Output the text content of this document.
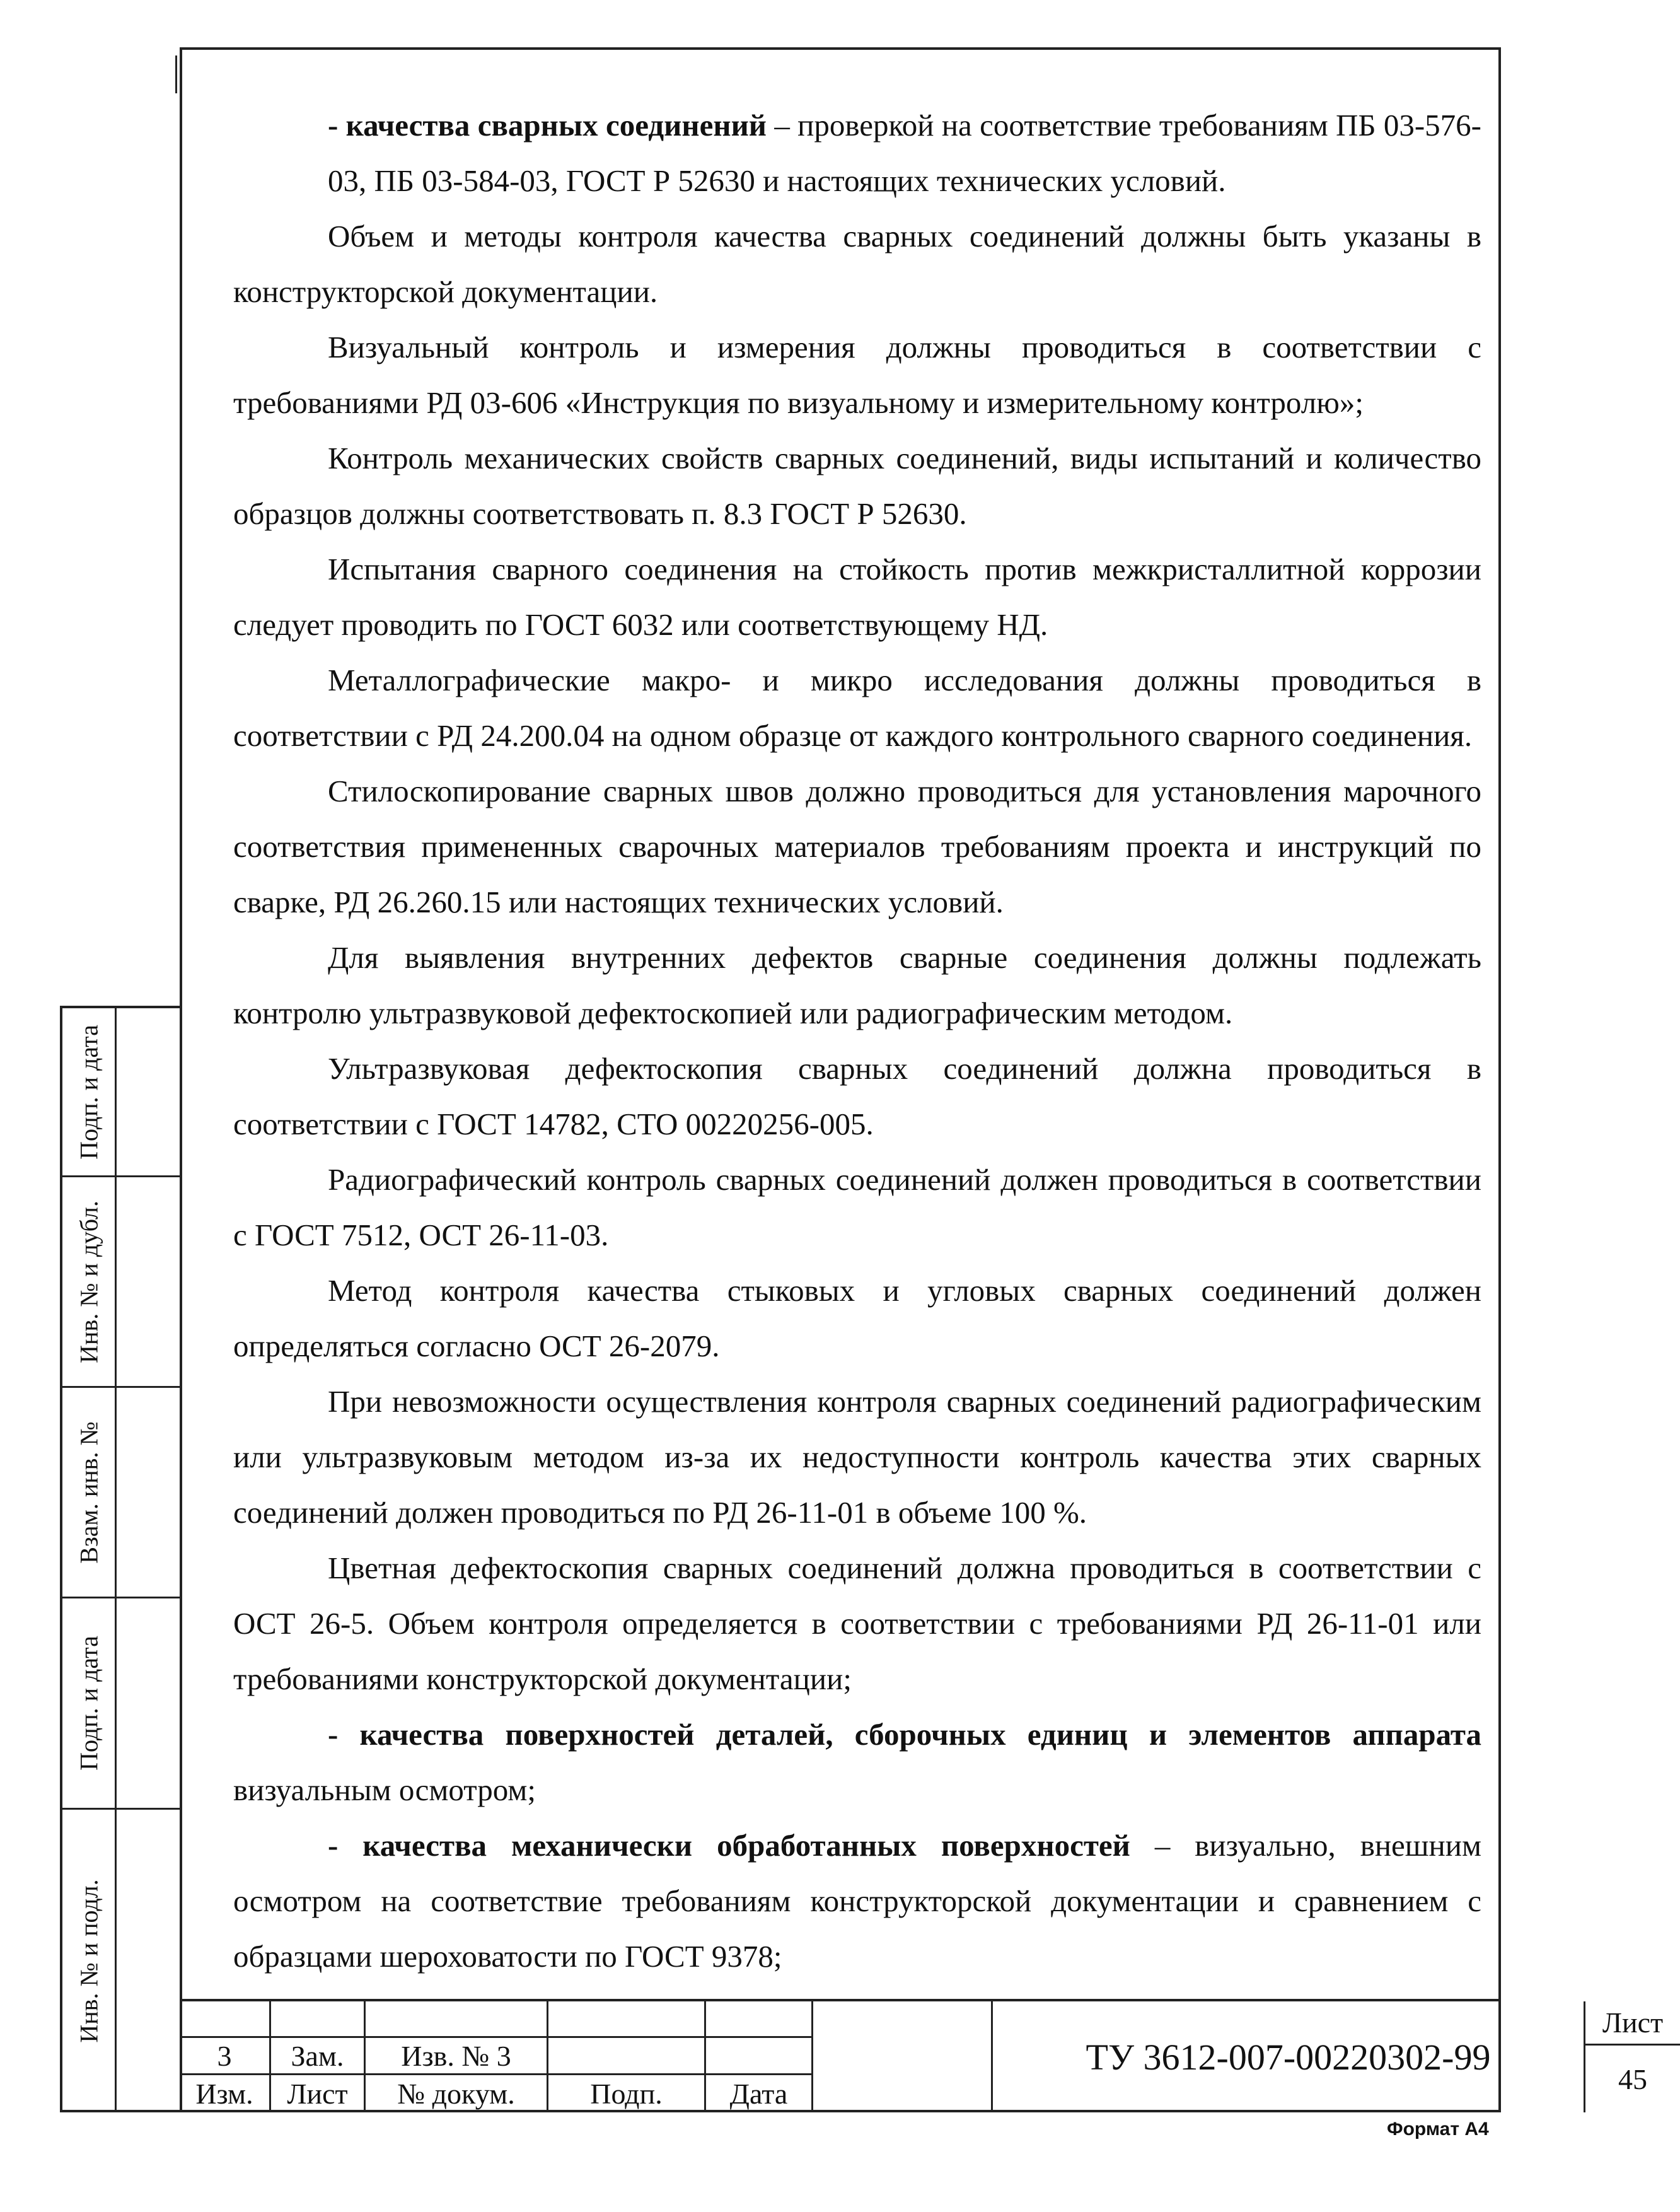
Подп. и дата
Инв. № и дубл.
Взам. инв. №
Подп. и дата
Инв. № и подл.

- качества сварных соединений – проверкой на соответствие требованиям ПБ 03-576-03, ПБ 03-584-03, ГОСТ Р 52630 и настоящих технических условий.

Объем и методы контроля качества сварных соединений должны быть указаны в конструкторской документации.

Визуальный контроль и измерения должны проводиться в соответствии с требованиями РД 03-606 «Инструкция по визуальному и измерительному контролю»;

Контроль механических свойств сварных соединений, виды испытаний и количество образцов должны соответствовать п. 8.3 ГОСТ Р 52630.

Испытания сварного соединения на стойкость против межкристаллитной коррозии следует проводить по ГОСТ 6032 или соответствующему НД.

Металлографические макро- и микро исследования должны проводиться в соответствии с РД 24.200.04 на одном образце от каждого контрольного сварного соединения.

Стилоскопирование сварных швов должно проводиться для установления марочного соответствия примененных сварочных материалов требованиям проекта и инструкций по сварке, РД 26.260.15 или настоящих технических условий.

Для выявления внутренних дефектов сварные соединения должны подлежать контролю ультразвуковой дефектоскопией или радиографическим методом.

Ультразвуковая дефектоскопия сварных соединений должна проводиться в соответствии с ГОСТ 14782, СТО 00220256-005.

Радиографический контроль сварных соединений должен проводиться в соответствии с ГОСТ 7512, ОСТ 26-11-03.

Метод контроля качества стыковых и угловых сварных соединений должен определяться согласно ОСТ 26-2079.

При невозможности осуществления контроля сварных соединений радиографическим или ультразвуковым методом из-за их недоступности контроль качества этих сварных соединений должен проводиться по РД 26-11-01 в объеме 100 %.

Цветная дефектоскопия сварных соединений должна проводиться в соответствии с ОСТ 26-5. Объем контроля определяется в соответствии с требованиями РД 26-11-01 или требованиями конструкторской документации;

- качества поверхностей деталей, сборочных единиц и элементов аппарата визуальным осмотром;

- качества механически обработанных поверхностей – визуально, внешним осмотром на соответствие требованиям конструкторской документации и сравнением с образцами шероховатости по ГОСТ 9378;

3	Зам.	Изв. № 3
Изм.	Лист	№ докум.	Подп.	Дата
ТУ 3612-007-00220302-99
Лист
45
Формат А4
